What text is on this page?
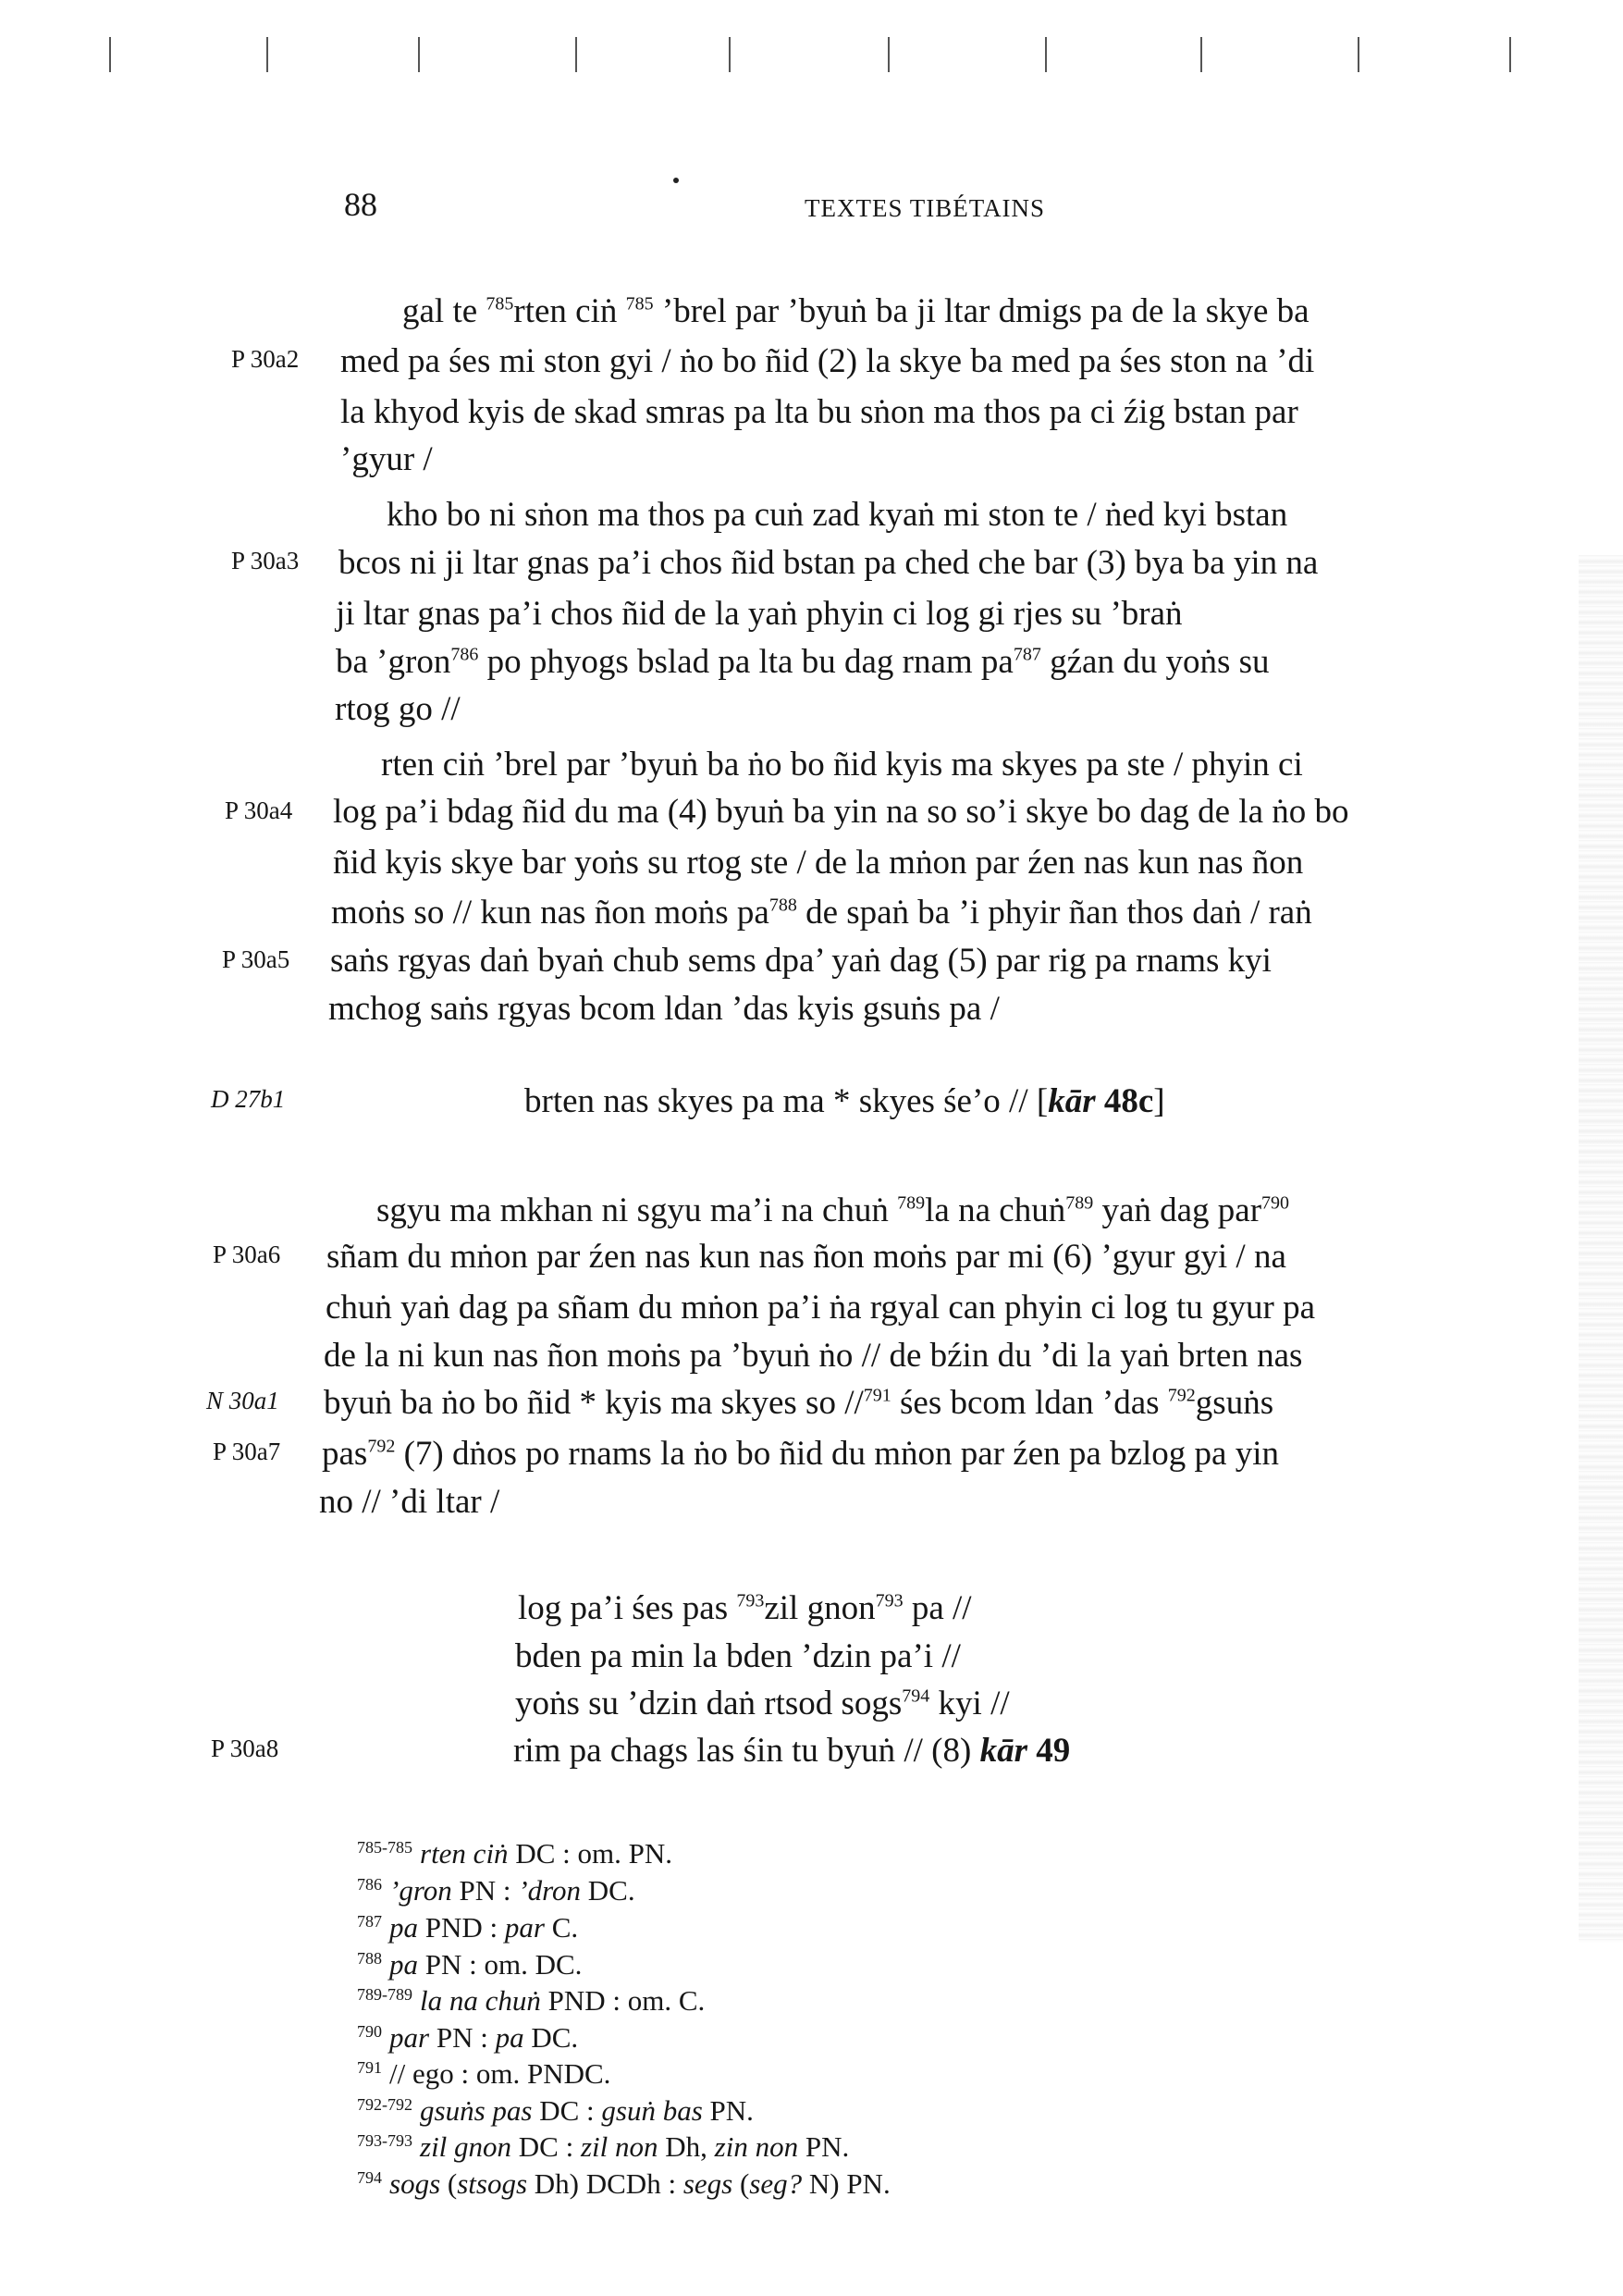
88	TEXTES TIBÉTAINS
gal te $^{785}$rten ciṅ $^{785}$ ’brel par ’byuṅ ba ji ltar dmigs pa de la skye ba
P 30a2 med pa śes mi ston gyi / ṅo bo ñid (2) la skye ba med pa śes ston na ’di
la khyod kyis de skad smras pa lta bu sṅon ma thos pa ci źig bstan par
’gyur /
kho bo ni sṅon ma thos pa cuṅ zad kyaṅ mi ston te / ṅed kyi bstan
P 30a3 bcos ni ji ltar gnas pa’i chos ñid bstan pa ched che bar (3) bya ba yin na
ji ltar gnas pa’i chos ñid de la yaṅ phyin ci log gi rjes su ’braṅ
ba ’gron$^{786}$ po phyogs bslad pa lta bu dag rnam $pa^{787}$ gźan du yoṅs su
rtog go //
rten ciṅ ’brel par ’byuṅ ba ṅo bo ñid kyis ma skyes pa ste / phyin ci
P 30a4 log pa’i bdag ñid du ma (4) byuṅ ba yin na so so’i skye bo dag de la ṅo bo
ñid kyis skye bar yoṅs su rtog ste / de la mṅon par źen nas kun nas ñon
moṅs so // kun nas ñon moṅs $pa^{788}$ de spaṅ ba ’i phyir ñan thos daṅ / raṅ
P 30a5 saṅs rgyas daṅ byaṅ chub sems dpa’ yaṅ dag (5) par rig pa rnams kyi
mchog saṅs rgyas bcom ldan ’das kyis gsuṅs pa /
D 27b1	brten nas skyes pa ma * skyes śe’o // [kār 48c]
sgyu ma mkhan ni sgyu ma’i na chuṅ $^{789}$la na chuṅ$^{789}$ yaṅ dag par$^{790}$
P 30a6 sñam du mṅon par źen nas kun nas ñon moṅs par mi (6) ’gyur gyi / na
chuṅ yaṅ dag pa sñam du mṅon pa’i ṅa rgyal can phyin ci log tu gyur pa
de la ni kun nas ñon moṅs pa ’byuṅ ṅo // de bźin du ’di la yaṅ brten nas
N 30a1 byuṅ ba ṅo bo ñid * kyis ma skyes so //$^{791}$ śes bcom ldan ’das $^{792}$gsuṅs
P 30a7 pas$^{792}$ (7) dṅos po rnams la ṅo bo ñid du mṅon par źen pa bzlog pa yin
no // ’di ltar /
log pa’i śes pas $^{793}$zil gnon$^{793}$ pa //
bden pa min la bden ’dzin pa’i //
yoṅs su ’dzin daṅ rtsod sogs$^{794}$ kyi //
P 30a8	rim pa chags las śin tu byuṅ // (8) kār 49
$^{785-785}$ rten ciṅ DC : om. PN.
$^{786}$ ’gron PN : ’dron DC.
$^{787}$ pa PND : par C.
$^{788}$ pa PN : om. DC.
$^{789-789}$ la na chuṅ PND : om. C.
$^{790}$ par PN : pa DC.
$^{791}$ // ego : om. PNDC.
$^{792-792}$ gsuṅs pas DC : gsuṅ bas PN.
$^{793-793}$ zil gnon DC : zil non Dh, zin non PN.
$^{794}$ sogs (stsogs Dh) DCDh : segs (seg? N) PN.
